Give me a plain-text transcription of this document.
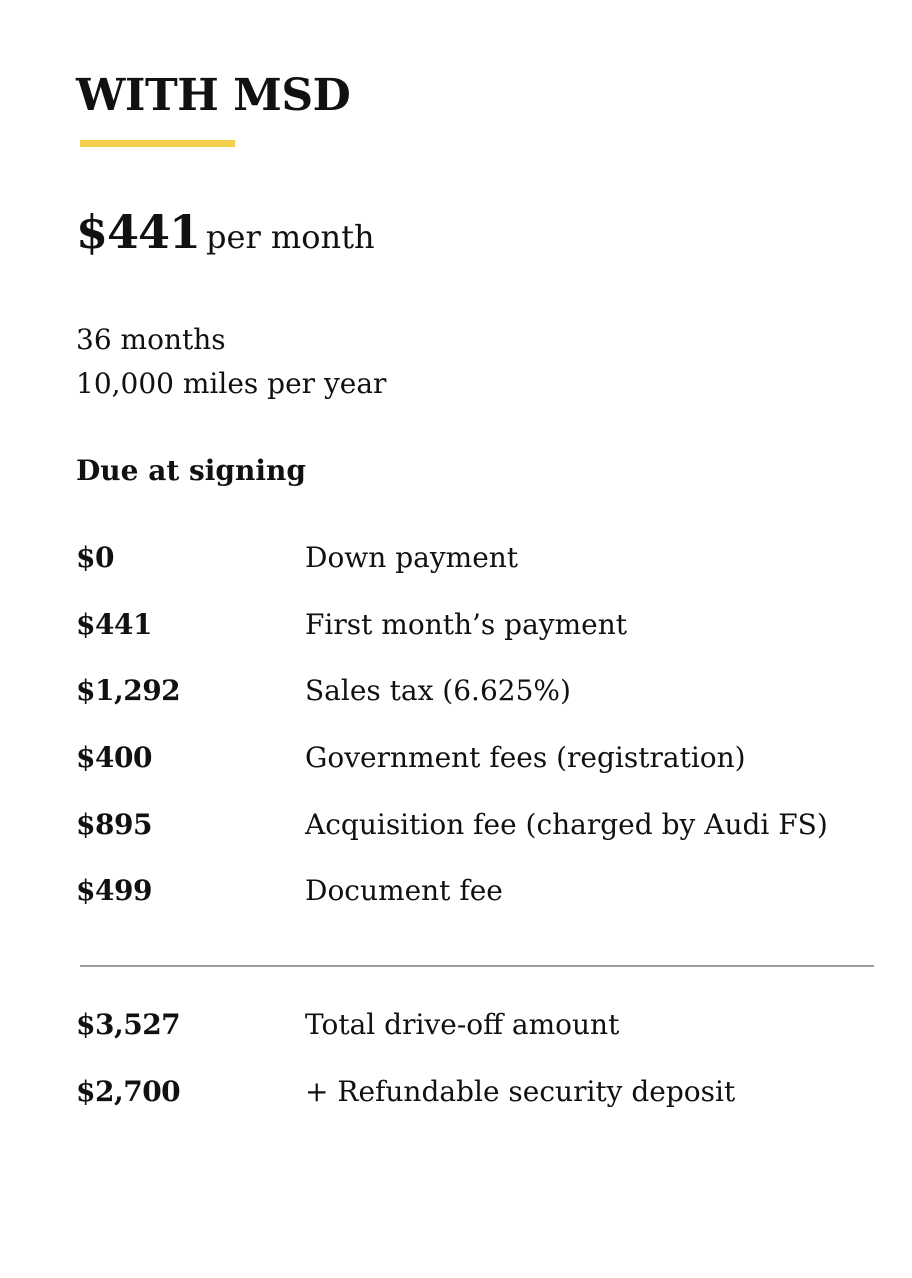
WITH MSD
$441 per month
36 months
10,000 miles per year
Due at signing
$0	Down payment
$441	First month’s payment
$1,292	Sales tax (6.625%)
$400	Government fees (registration)
$895	Acquisition fee (charged by Audi FS)
$499	Document fee
$3,527	Total drive-off amount
$2,700	+ Refundable security deposit
